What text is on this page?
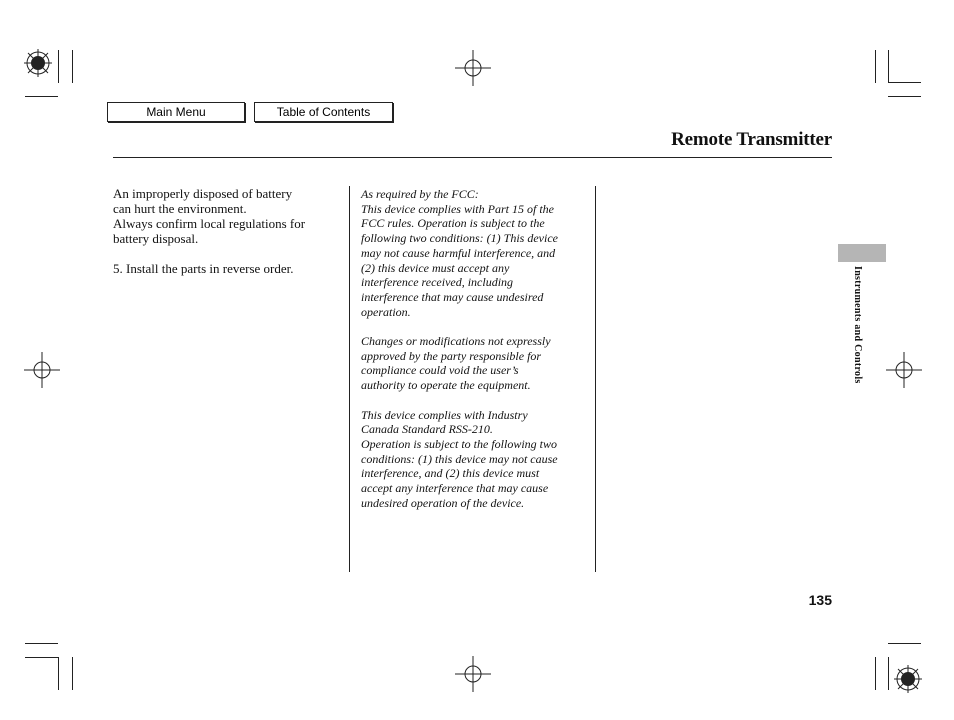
Main Menu	Table of Contents
Remote Transmitter

An improperly disposed of battery

can hurt the environment.

Always confirm local regulations for

battery disposal.

5. Install the parts in reverse order.

As required by the FCC:

This device complies with Part 15 of the

FCC rules. Operation is subject to the

following two conditions: (1) This device

may not cause harmful interference, and

(2) this device must accept any

interference received, including

interference that may cause undesired

operation.

Changes or modifications not expressly

approved by the party responsible for

compliance could void the user’s

authority to operate the equipment.

This device complies with Industry

Canada Standard RSS-210.

Operation is subject to the following two

conditions: (1) this device may not cause

interference, and (2) this device must

accept any interference that may cause

undesired operation of the device.

Instruments and Controls
135
